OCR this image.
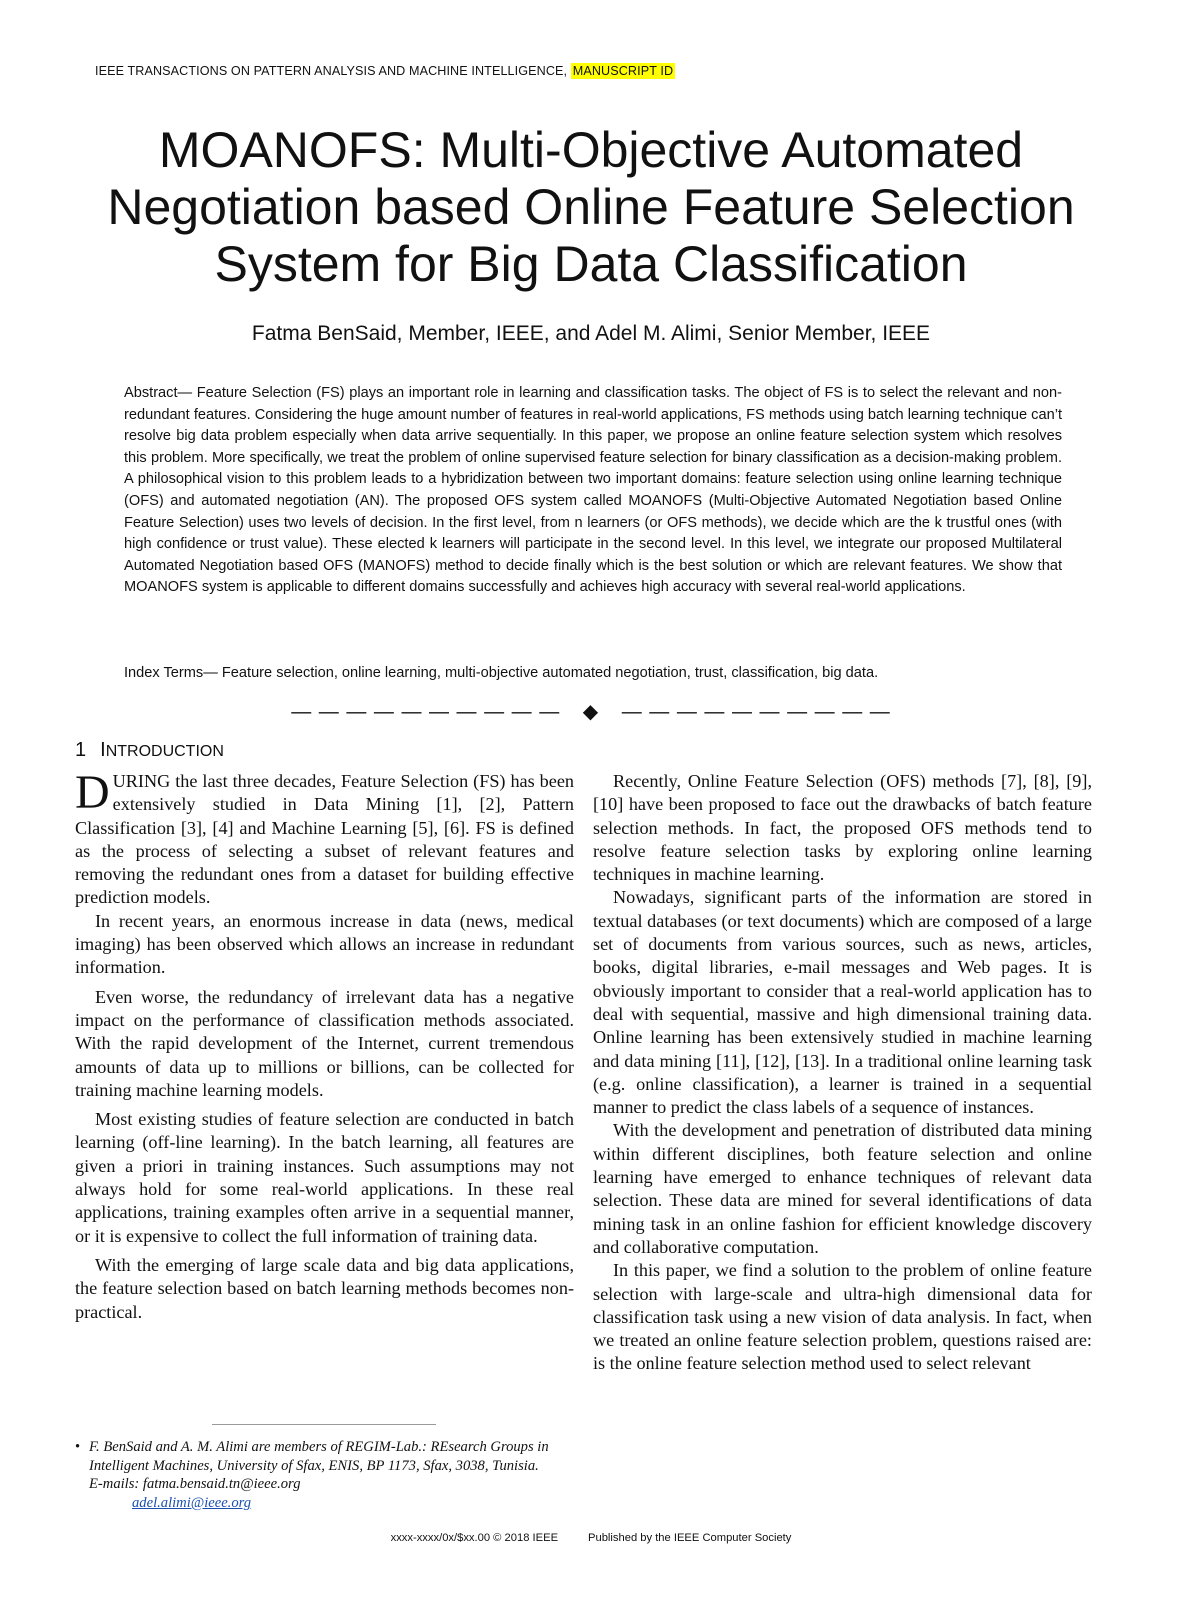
IEEE TRANSACTIONS ON PATTERN ANALYSIS AND MACHINE INTELLIGENCE, MANUSCRIPT ID
MOANOFS: Multi-Objective Automated
Negotiation based Online Feature Selection
System for Big Data Classification
Fatma BenSaid, Member, IEEE, and Adel M. Alimi, Senior Member, IEEE

Abstract— Feature Selection (FS) plays an important role in learning and classification tasks. The object of FS is to select the relevant and non-redundant features. Considering the huge amount number of features in real-world applications, FS methods using batch learning technique can’t resolve big data problem especially when data arrive sequentially. In this paper, we propose an online feature selection system which resolves this problem. More specifically, we treat the problem of online supervised feature selection for binary classification as a decision-making problem. A philosophical vision to this problem leads to a hybridization between two important domains: feature selection using online learning technique (OFS) and automated negotiation (AN). The proposed OFS system called MOANOFS (Multi-Objective Automated Negotiation based Online Feature Selection) uses two levels of decision. In the first level, from n learners (or OFS methods), we decide which are the k trustful ones (with high confidence or trust value). These elected k learners will participate in the second level. In this level, we integrate our proposed Multilateral Automated Negotiation based OFS (MANOFS) method to decide finally which is the best solution or which are relevant features. We show that MOANOFS system is applicable to different domains successfully and achieves high accuracy with several real-world applications.

Index Terms— Feature selection, online learning, multi-objective automated negotiation, trust, classification, big data.

— — — — — — — — — — ◆ — — — — — — — — — —
1 INTRODUCTION

DURING the last three decades, Feature Selection (FS) has been extensively studied in Data Mining [1], [2], Pattern Classification [3], [4] and Machine Learning [5], [6]. FS is defined as the process of selecting a subset of relevant features and removing the redundant ones from a dataset for building effective prediction models.

In recent years, an enormous increase in data (news, medical imaging) has been observed which allows an increase in redundant information.

Even worse, the redundancy of irrelevant data has a negative impact on the performance of classification methods associated. With the rapid development of the Internet, current tremendous amounts of data up to millions or billions, can be collected for training machine learning models.

Most existing studies of feature selection are conducted in batch learning (off-line learning). In the batch learning, all features are given a priori in training instances. Such assumptions may not always hold for some real-world applications. In these real applications, training examples often arrive in a sequential manner, or it is expensive to collect the full information of training data.

With the emerging of large scale data and big data applications, the feature selection based on batch learning methods becomes non-practical.

Recently, Online Feature Selection (OFS) methods [7], [8], [9], [10] have been proposed to face out the drawbacks of batch feature selection methods. In fact, the proposed OFS methods tend to resolve feature selection tasks by exploring online learning techniques in machine learning.

Nowadays, significant parts of the information are stored in textual databases (or text documents) which are composed of a large set of documents from various sources, such as news, articles, books, digital libraries, e-mail messages and Web pages. It is obviously important to consider that a real-world application has to deal with sequential, massive and high dimensional training data. Online learning has been extensively studied in machine learning and data mining [11], [12], [13]. In a traditional online learning task (e.g. online classification), a learner is trained in a sequential manner to predict the class labels of a sequence of instances.

With the development and penetration of distributed data mining within different disciplines, both feature selection and online learning have emerged to enhance techniques of relevant data selection. These data are mined for several identifications of data mining task in an online fashion for efficient knowledge discovery and collaborative computation.

In this paper, we find a solution to the problem of online feature selection with large-scale and ultra-high dimensional data for classification task using a new vision of data analysis. In fact, when we treated an online feature selection problem, questions raised are: is the online feature selection method used to select relevant

• F. BenSaid and A. M. Alimi are members of REGIM-Lab.: REsearch Groups in Intelligent Machines, University of Sfax, ENIS, BP 1173, Sfax, 3038, Tunisia.
E-mails: fatma.bensaid.tn@ieee.org
adel.alimi@ieee.org
xxxx-xxxx/0x/$xx.00 © 2018 IEEE	Published by the IEEE Computer Society
